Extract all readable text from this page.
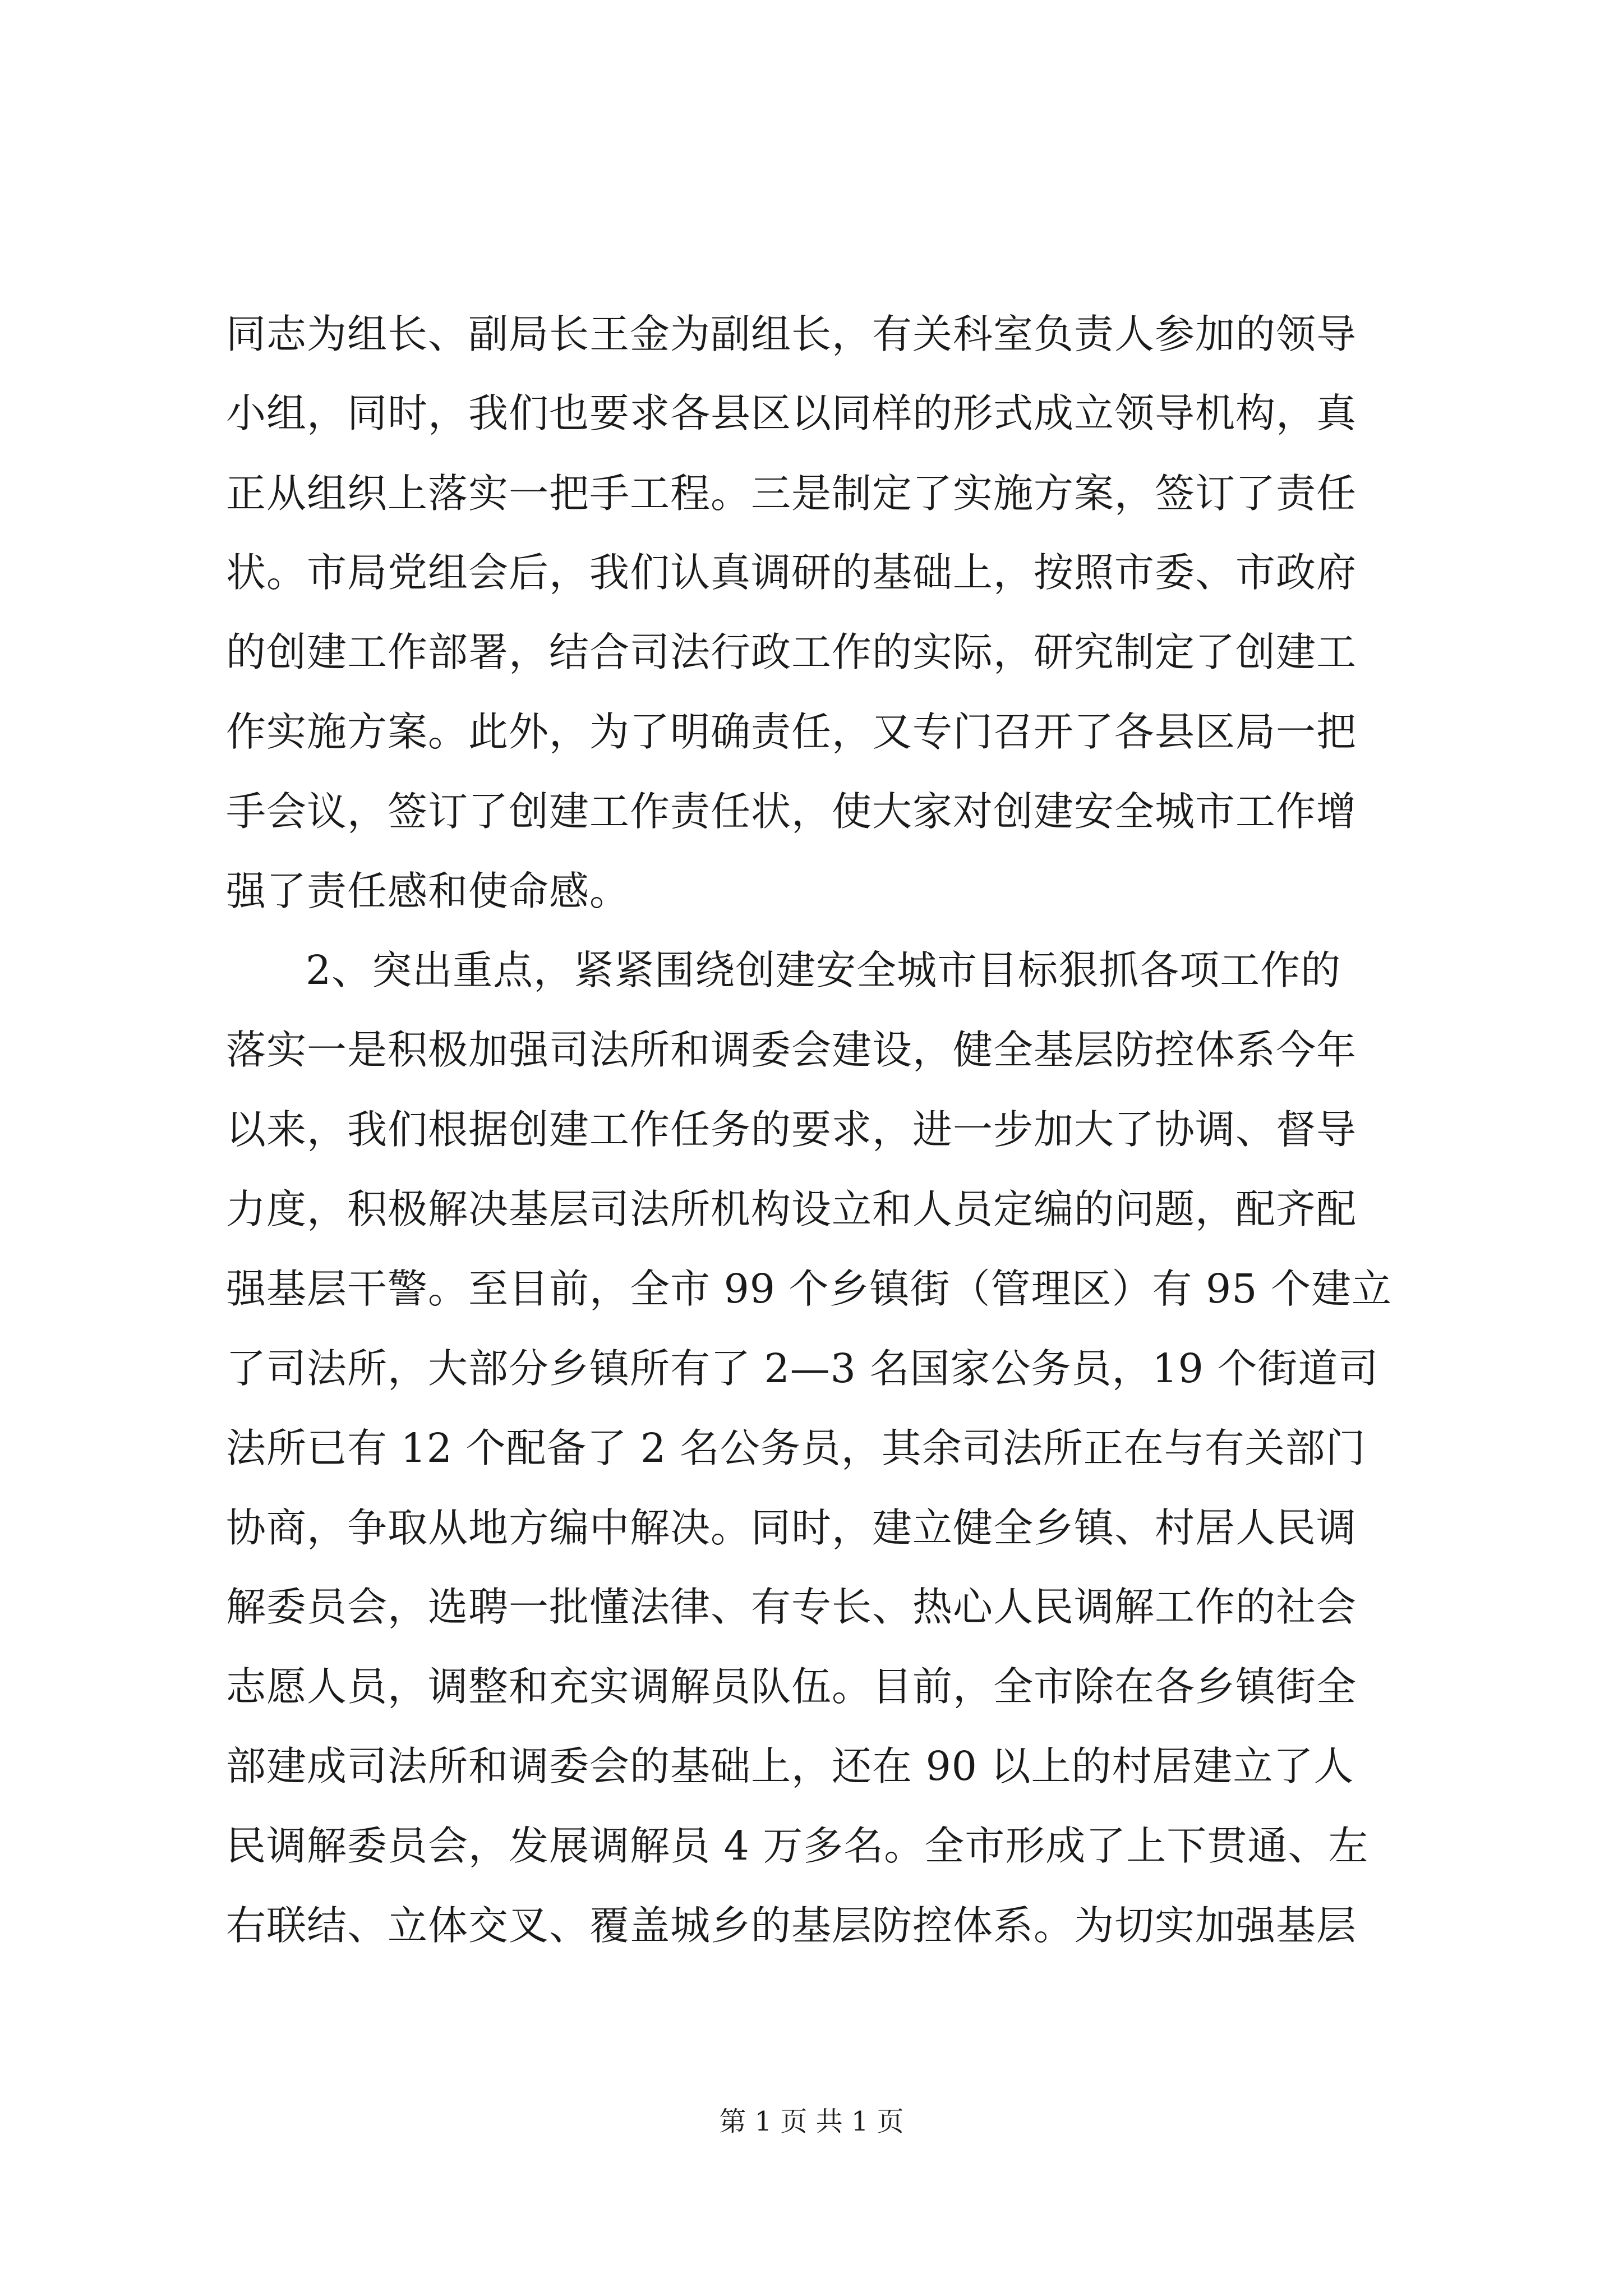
同志为组长、副局长王金为副组长，有关科室负责人参加的领导
小组，同时，我们也要求各县区以同样的形式成立领导机构，真
正从组织上落实一把手工程。三是制定了实施方案，签订了责任
状。市局党组会后，我们认真调研的基础上，按照市委、市政府
的创建工作部署，结合司法行政工作的实际，研究制定了创建工
作实施方案。此外，为了明确责任，又专门召开了各县区局一把
手会议，签订了创建工作责任状，使大家对创建安全城市工作增
强了责任感和使命感。
2、突出重点，紧紧围绕创建安全城市目标狠抓各项工作的
落实一是积极加强司法所和调委会建设，健全基层防控体系今年
以来，我们根据创建工作任务的要求，进一步加大了协调、督导
力度，积极解决基层司法所机构设立和人员定编的问题，配齐配
强基层干警。至目前，全市 99 个乡镇街（管理区）有 95 个建立
了司法所，大部分乡镇所有了 2—3 名国家公务员，19 个街道司
法所已有 12 个配备了 2 名公务员，其余司法所正在与有关部门
协商，争取从地方编中解决。同时，建立健全乡镇、村居人民调
解委员会，选聘一批懂法律、有专长、热心人民调解工作的社会
志愿人员，调整和充实调解员队伍。目前，全市除在各乡镇街全
部建成司法所和调委会的基础上，还在 90 以上的村居建立了人
民调解委员会，发展调解员 4 万多名。全市形成了上下贯通、左
右联结、立体交叉、覆盖城乡的基层防控体系。为切实加强基层
第 1 页 共 1 页
